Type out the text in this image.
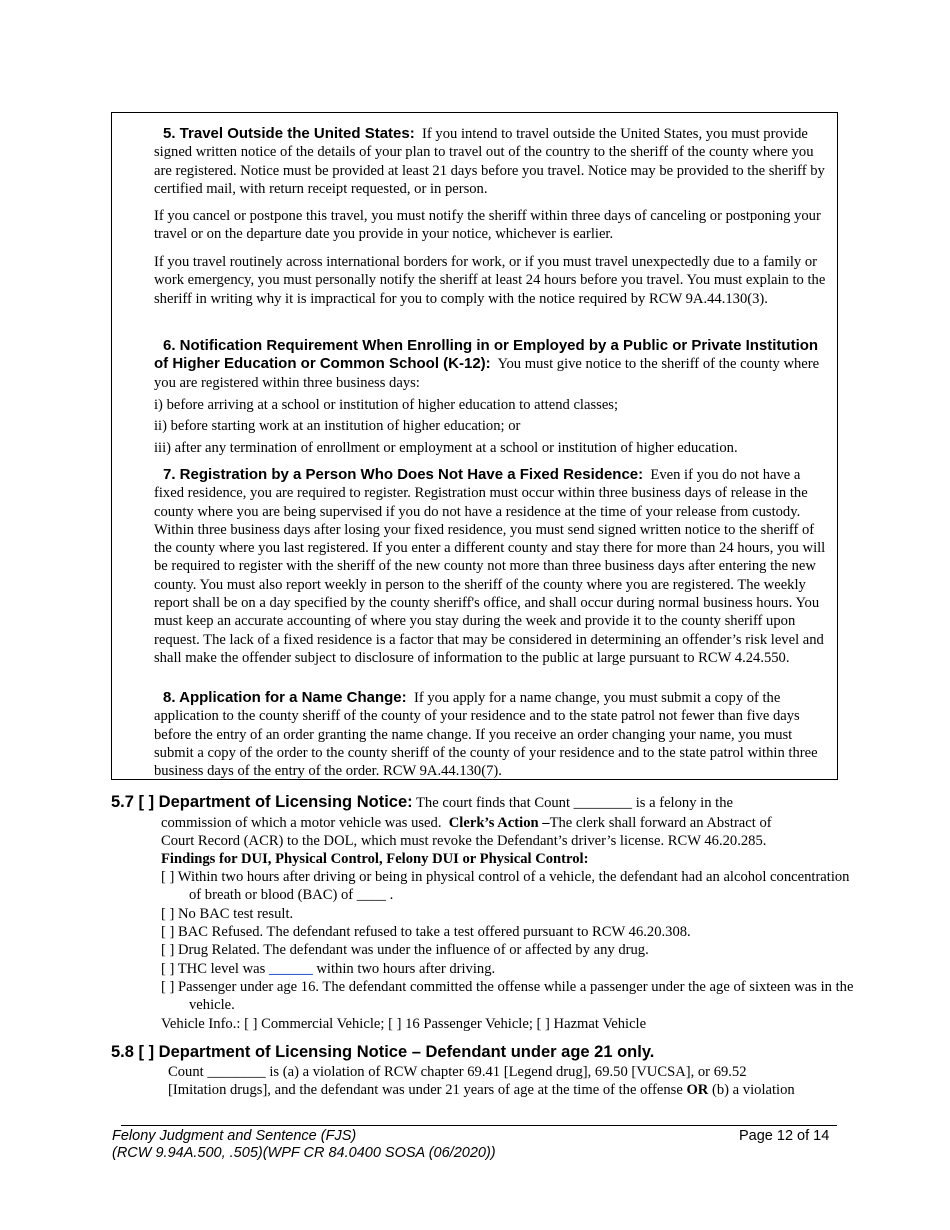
5. Travel Outside the United States: If you intend to travel outside the United States, you must provide signed written notice of the details of your plan to travel out of the country to the sheriff of the county where you are registered. Notice must be provided at least 21 days before you travel. Notice may be provided to the sheriff by certified mail, with return receipt requested, or in person.

If you cancel or postpone this travel, you must notify the sheriff within three days of canceling or postponing your travel or on the departure date you provide in your notice, whichever is earlier.

If you travel routinely across international borders for work, or if you must travel unexpectedly due to a family or work emergency, you must personally notify the sheriff at least 24 hours before you travel. You must explain to the sheriff in writing why it is impractical for you to comply with the notice required by RCW 9A.44.130(3).

6. Notification Requirement When Enrolling in or Employed by a Public or Private Institution of Higher Education or Common School (K-12): You must give notice to the sheriff of the county where you are registered within three business days:

i) before arriving at a school or institution of higher education to attend classes;

ii) before starting work at an institution of higher education; or

iii) after any termination of enrollment or employment at a school or institution of higher education.

7. Registration by a Person Who Does Not Have a Fixed Residence: Even if you do not have a fixed residence, you are required to register. Registration must occur within three business days of release in the county where you are being supervised if you do not have a residence at the time of your release from custody. Within three business days after losing your fixed residence, you must send signed written notice to the sheriff of the county where you last registered. If you enter a different county and stay there for more than 24 hours, you will be required to register with the sheriff of the new county not more than three business days after entering the new county. You must also report weekly in person to the sheriff of the county where you are registered. The weekly report shall be on a day specified by the county sheriff's office, and shall occur during normal business hours. You must keep an accurate accounting of where you stay during the week and provide it to the county sheriff upon request. The lack of a fixed residence is a factor that may be considered in determining an offender’s risk level and shall make the offender subject to disclosure of information to the public at large pursuant to RCW 4.24.550.

8. Application for a Name Change: If you apply for a name change, you must submit a copy of the application to the county sheriff of the county of your residence and to the state patrol not fewer than five days before the entry of an order granting the name change. If you receive an order changing your name, you must submit a copy of the order to the county sheriff of the county of your residence and to the state patrol within three business days of the entry of the order. RCW 9A.44.130(7).

5.7 [ ] Department of Licensing Notice: The court finds that Count ________ is a felony in the

commission of which a motor vehicle was used. Clerk’s Action –The clerk shall forward an Abstract of

Court Record (ACR) to the DOL, which must revoke the Defendant’s driver’s license. RCW 46.20.285.

Findings for DUI, Physical Control, Felony DUI or Physical Control:

[ ] Within two hours after driving or being in physical control of a vehicle, the defendant had an alcohol concentration of breath or blood (BAC) of ____ .

[ ] No BAC test result.

[ ] BAC Refused. The defendant refused to take a test offered pursuant to RCW 46.20.308.

[ ] Drug Related. The defendant was under the influence of or affected by any drug.

[ ] THC level was ______ within two hours after driving.

[ ] Passenger under age 16. The defendant committed the offense while a passenger under the age of sixteen was in the vehicle.

Vehicle Info.: [ ] Commercial Vehicle; [ ] 16 Passenger Vehicle; [ ] Hazmat Vehicle

5.8 [ ] Department of Licensing Notice – Defendant under age 21 only.

Count ________ is (a) a violation of RCW chapter 69.41 [Legend drug], 69.50 [VUCSA], or 69.52

[Imitation drugs], and the defendant was under 21 years of age at the time of the offense OR (b) a violation

Felony Judgment and Sentence (FJS)
(RCW 9.94A.500, .505)(WPF CR 84.0400 SOSA (06/2020))
Page 12 of 14
